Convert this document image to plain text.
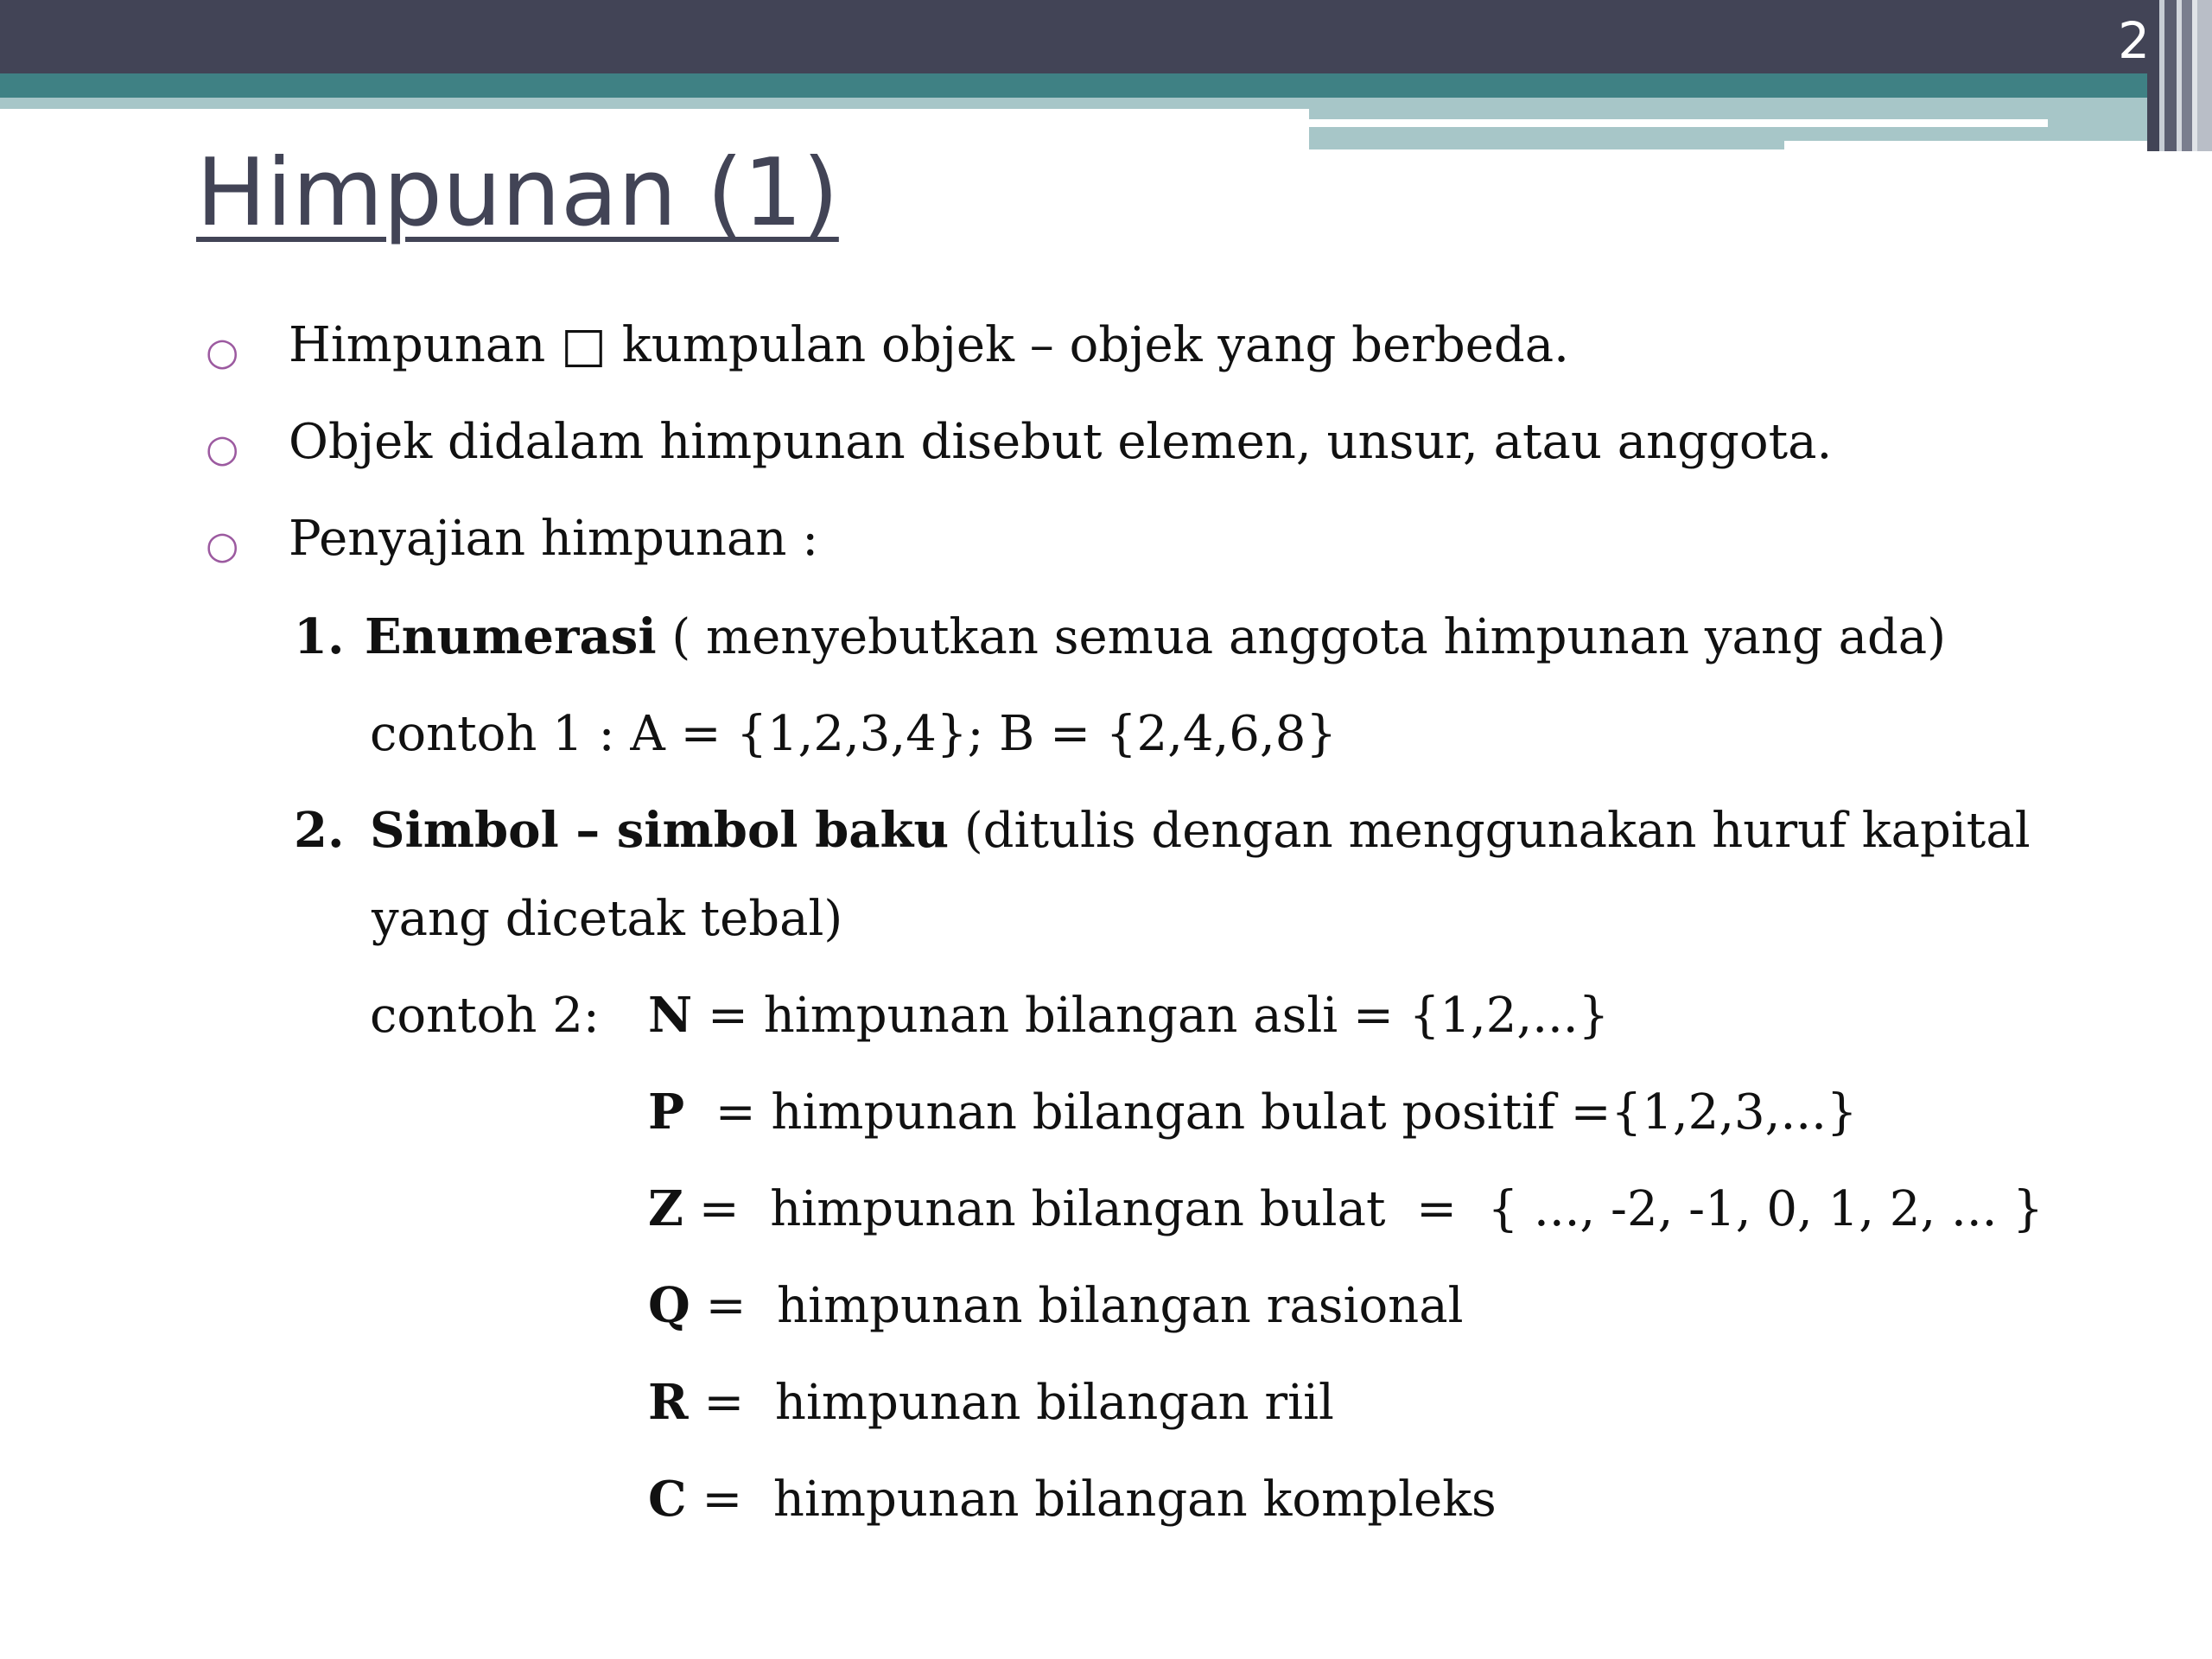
2
Himpunan (1)
○ Himpunan □ kumpulan objek – objek yang berbeda.
○ Objek didalam himpunan disebut elemen, unsur, atau anggota.
○ Penyajian himpunan :
1. Enumerasi ( menyebutkan semua anggota himpunan yang ada)
contoh 1 : A = {1,2,3,4}; B = {2,4,6,8}
2. Simbol – simbol baku (ditulis dengan menggunakan huruf kapital
yang dicetak tebal)
contoh 2: N = himpunan bilangan asli = {1,2,...}
P  = himpunan bilangan bulat positif ={1,2,3,...}
Z =  himpunan bilangan bulat  =  { ..., -2, -1, 0, 1, 2, ... }
Q =  himpunan bilangan rasional
R =  himpunan bilangan riil
C =  himpunan bilangan kompleks
